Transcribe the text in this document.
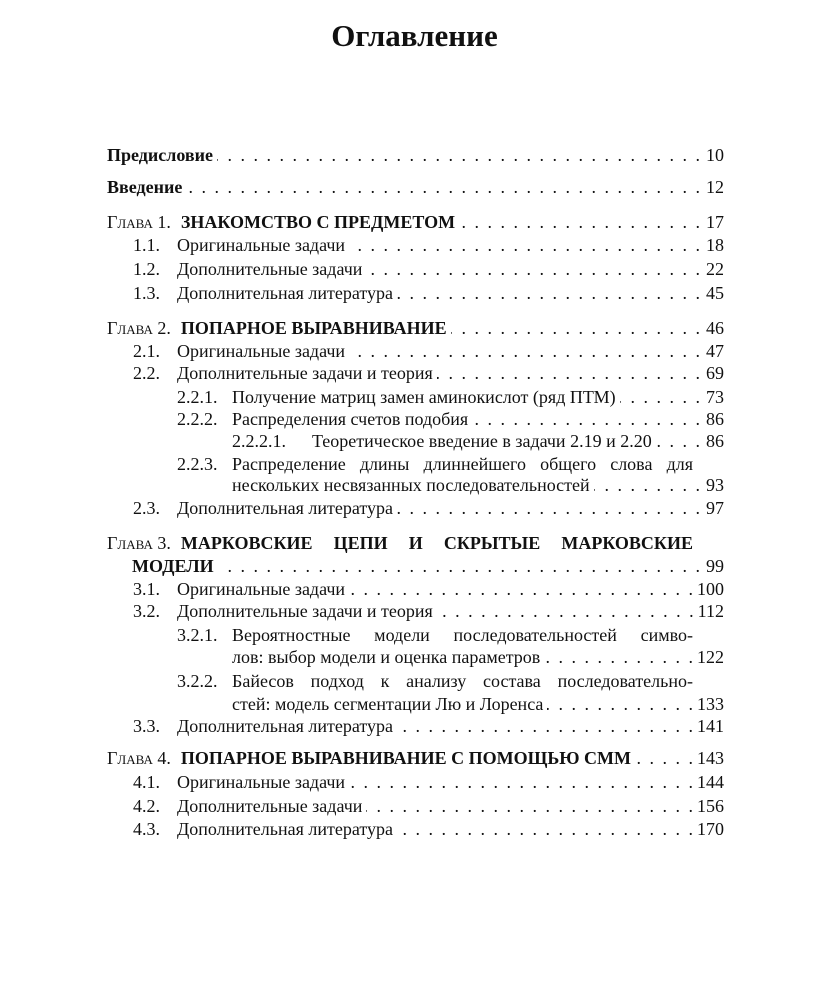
Оглавление
Предисловие . . .	10
Введение . . .	12
Глава 1. ЗНАКОМСТВО С ПРЕДМЕТОМ . . .	17
1.1. Оригинальные задачи . . .	18
1.2. Дополнительные задачи . . .	22
1.3. Дополнительная литература . . .	45
Глава 2. ПОПАРНОЕ ВЫРАВНИВАНИЕ . . .	46
2.1. Оригинальные задачи . . .	47
2.2. Дополнительные задачи и теория . . .	69
2.2.1. Получение матриц замен аминокислот (ряд ПТМ) . . .	73
2.2.2. Распределения счетов подобия . . .	86
2.2.2.1.	Теоретическое введение в задачи 2.19 и 2.20 . . .	86
2.2.3. Распределение длины длиннейшего общего слова для
нескольких несвязанных последовательностей . . .	93
2.3. Дополнительная литература . . .	97
Глава 3. МАРКОВСКИЕ ЦЕПИ И СКРЫТЫЕ МАРКОВСКИЕ
МОДЕЛИ . . .	99
3.1. Оригинальные задачи . . .	100
3.2. Дополнительные задачи и теория . . .	112
3.2.1. Вероятностные модели последовательностей симво-
лов: выбор модели и оценка параметров . . .	122
3.2.2. Байесов подход к анализу состава последовательно-
стей: модель сегментации Лю и Лоренса . . .	133
3.3. Дополнительная литература . . .	141
Глава 4. ПОПАРНОЕ ВЫРАВНИВАНИЕ С ПОМОЩЬЮ СММ . . .	143
4.1. Оригинальные задачи . . .	144
4.2. Дополнительные задачи . . .	156
4.3. Дополнительная литература . . .	170
